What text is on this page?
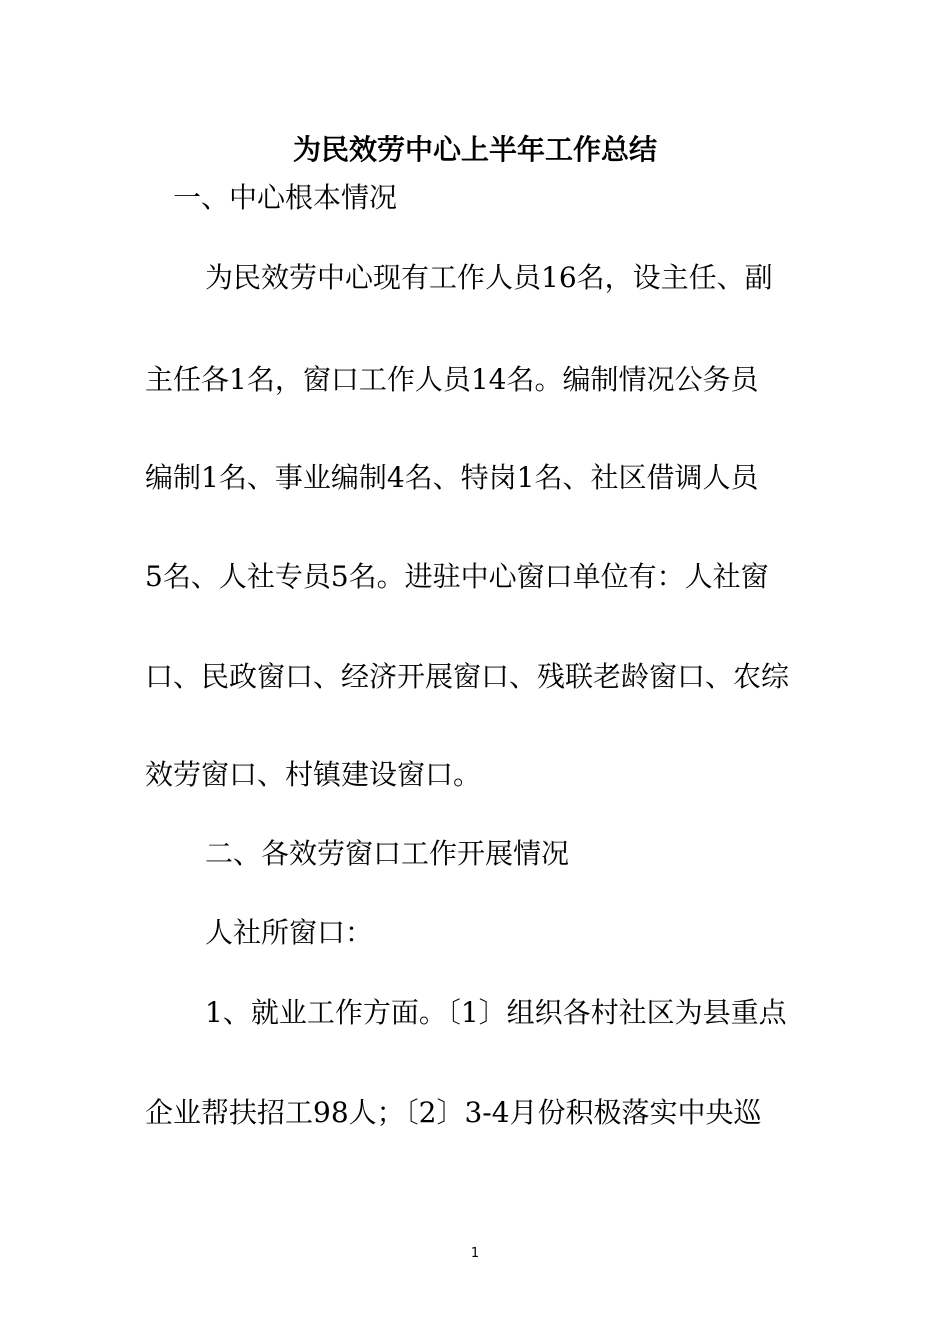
为民效劳中心上半年工作总结
一、中心根本情况
为民效劳中心现有工作人员16名，设主任、副
主任各1名，窗口工作人员14名。编制情况公务员
编制1名、事业编制4名、特岗1名、社区借调人员
5名、人社专员5名。进驻中心窗口单位有：人社窗
口、民政窗口、经济开展窗口、残联老龄窗口、农综
效劳窗口、村镇建设窗口。
二、各效劳窗口工作开展情况
人社所窗口：
1、就业工作方面。〔1〕组织各村社区为县重点
企业帮扶招工98人；〔2〕3-4月份积极落实中央巡
1
